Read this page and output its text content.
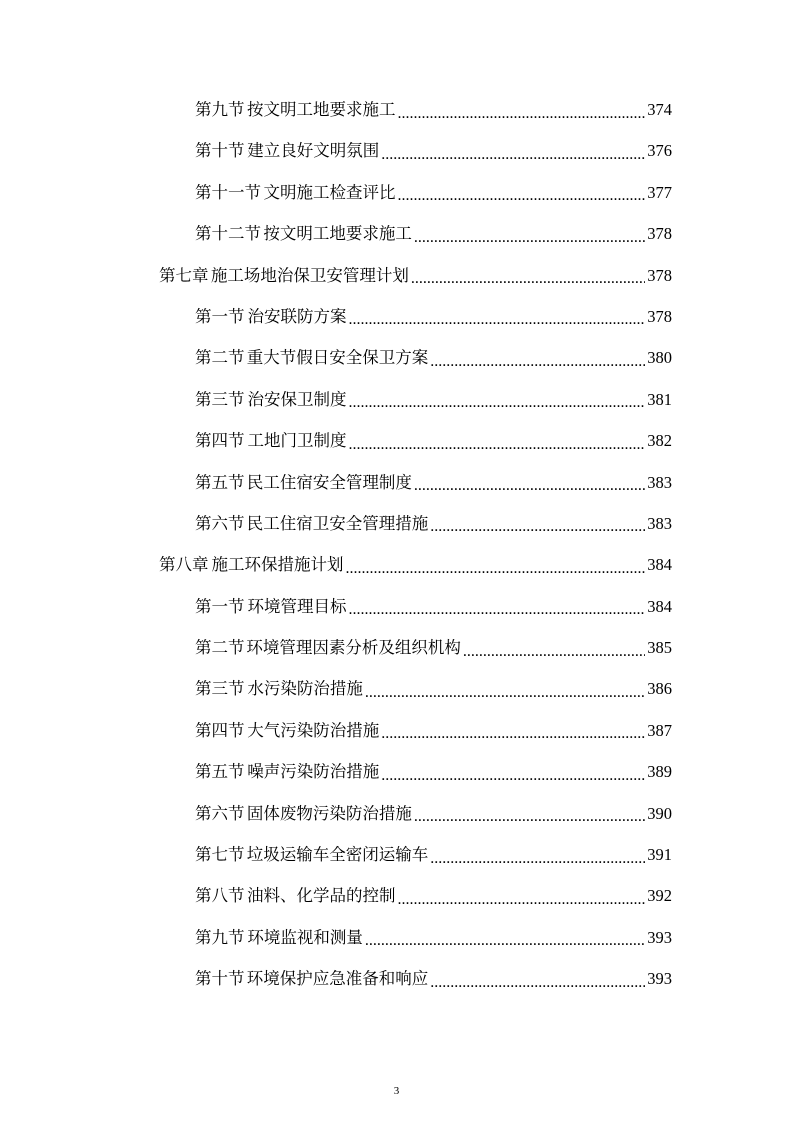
第九节 按文明工地要求施工 .....	374
第十节 建立良好文明氛围 .....	376
第十一节 文明施工检查评比 .....	377
第十二节 按文明工地要求施工 .....	378
第七章 施工场地治保卫安管理计划 .....	378
第一节 治安联防方案 .....	378
第二节 重大节假日安全保卫方案 .....	380
第三节 治安保卫制度 .....	381
第四节 工地门卫制度 .....	382
第五节 民工住宿安全管理制度 .....	383
第六节 民工住宿卫安全管理措施 .....	383
第八章 施工环保措施计划 .....	384
第一节 环境管理目标 .....	384
第二节 环境管理因素分析及组织机构 .....	385
第三节 水污染防治措施 .....	386
第四节 大气污染防治措施 .....	387
第五节 噪声污染防治措施 .....	389
第六节 固体废物污染防治措施 .....	390
第七节 垃圾运输车全密闭运输车 .....	391
第八节 油料、化学品的控制 .....	392
第九节 环境监视和测量 .....	393
第十节 环境保护应急准备和响应 .....	393
3
